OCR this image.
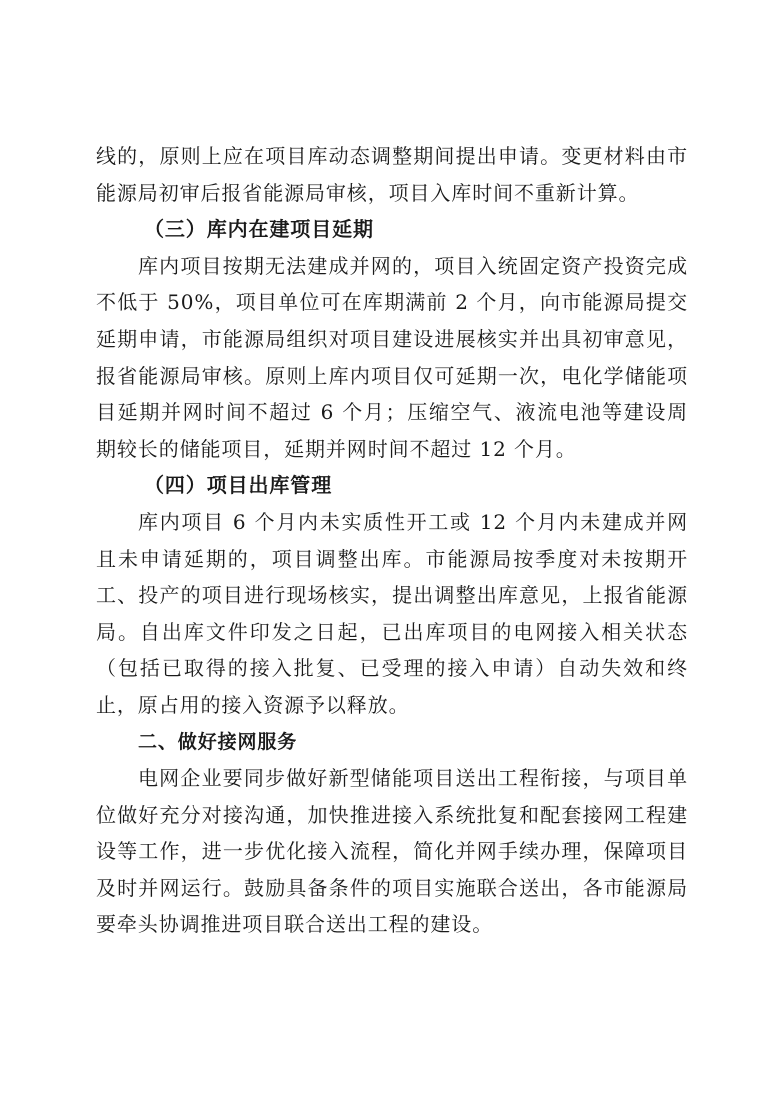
线的，原则上应在项目库动态调整期间提出申请。变更材料由市能源局初审后报省能源局审核，项目入库时间不重新计算。

（三）库内在建项目延期

库内项目按期无法建成并网的，项目入统固定资产投资完成不低于 50%，项目单位可在库期满前 2 个月，向市能源局提交延期申请，市能源局组织对项目建设进展核实并出具初审意见，报省能源局审核。原则上库内项目仅可延期一次，电化学储能项目延期并网时间不超过 6 个月；压缩空气、液流电池等建设周期较长的储能项目，延期并网时间不超过 12 个月。

（四）项目出库管理

库内项目 6 个月内未实质性开工或 12 个月内未建成并网且未申请延期的，项目调整出库。市能源局按季度对未按期开工、投产的项目进行现场核实，提出调整出库意见，上报省能源局。自出库文件印发之日起，已出库项目的电网接入相关状态（包括已取得的接入批复、已受理的接入申请）自动失效和终止，原占用的接入资源予以释放。

二、做好接网服务

电网企业要同步做好新型储能项目送出工程衔接，与项目单位做好充分对接沟通，加快推进接入系统批复和配套接网工程建设等工作，进一步优化接入流程，简化并网手续办理，保障项目及时并网运行。鼓励具备条件的项目实施联合送出，各市能源局要牵头协调推进项目联合送出工程的建设。
